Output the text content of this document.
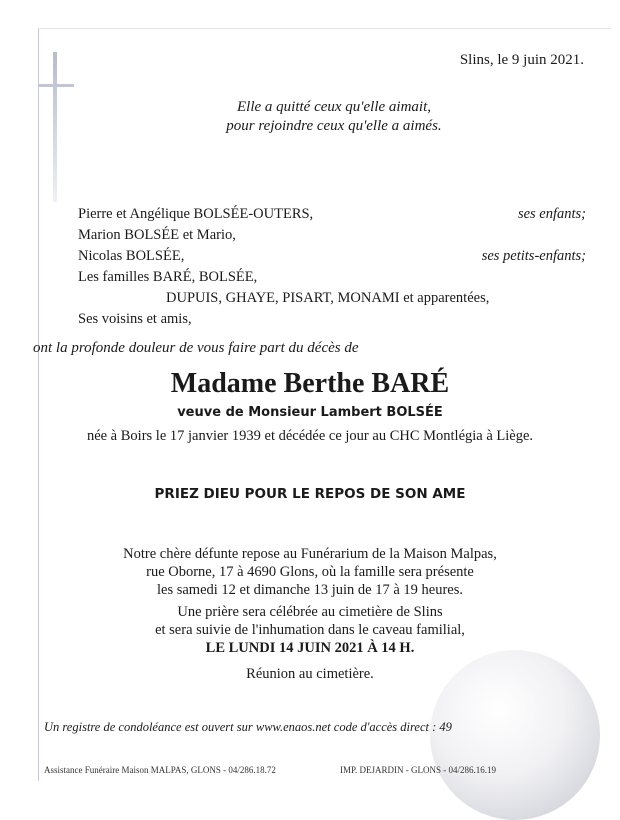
Slins, le 9 juin 2021.
Elle a quitté ceux qu'elle aimait,
pour rejoindre ceux qu'elle a aimés.
Pierre et Angélique BOLSÉE-OUTERS,	ses enfants;
Marion BOLSÉE et Mario,
Nicolas BOLSÉE,	ses petits-enfants;
Les familles BARÉ, BOLSÉE,
DUPUIS, GHAYE, PISART, MONAMI et apparentées,
Ses voisins et amis,
ont la profonde douleur de vous faire part du décès de
Madame Berthe BARÉ
veuve de Monsieur Lambert BOLSÉE
née à Boirs le 17 janvier 1939 et décédée ce jour au CHC Montlégia à Liège.
PRIEZ DIEU POUR LE REPOS DE SON AME
Notre chère défunte repose au Funérarium de la Maison Malpas,
rue Oborne, 17 à 4690 Glons, où la famille sera présente
les samedi 12 et dimanche 13 juin de 17 à 19 heures.
Une prière sera célébrée au cimetière de Slins
et sera suivie de l'inhumation dans le caveau familial,
LE LUNDI 14 JUIN 2021 À 14 H.
Réunion au cimetière.
Un registre de condoléance est ouvert sur www.enaos.net code d'accès direct : 49
Assistance Funéraire Maison MALPAS, GLONS - 04/286.18.72	IMP. DEJARDIN - GLONS - 04/286.16.19
